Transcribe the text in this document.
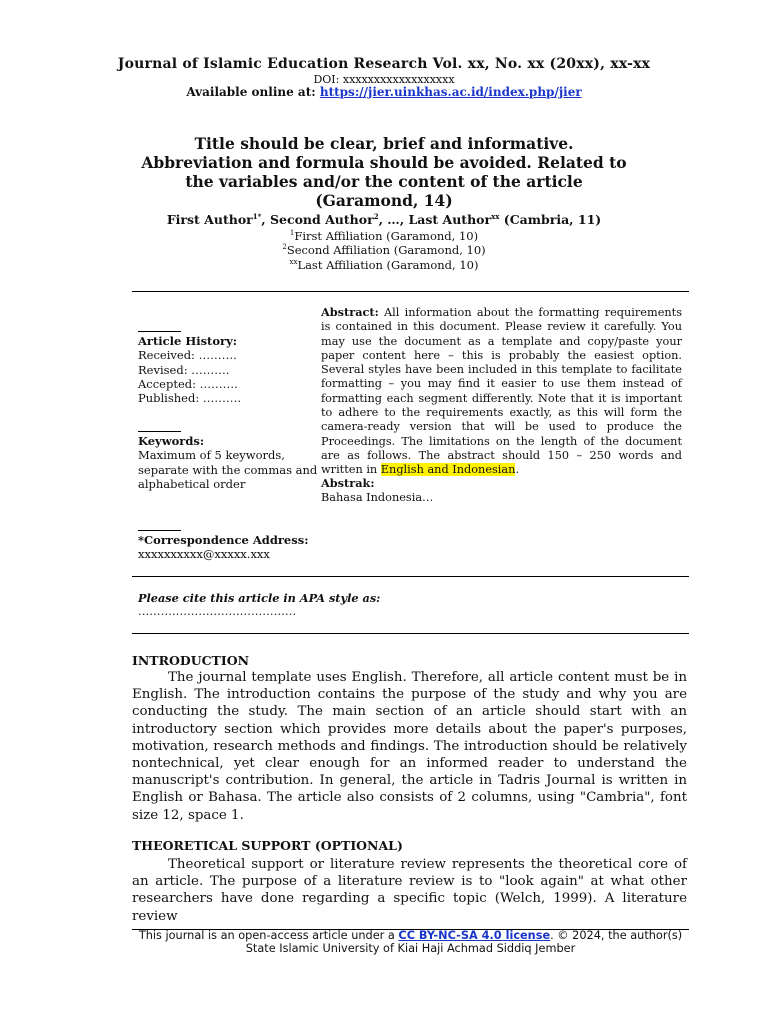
Journal of Islamic Education Research Vol. xx, No. xx (20xx), xx-xx
DOI: xxxxxxxxxxxxxxxxxx
Available online at: https://jier.uinkhas.ac.id/index.php/jier
Title should be clear, brief and informative. Abbreviation and formula should be avoided. Related to the variables and/or the content of the article (Garamond, 14)
First Author$^{1*}$, Second Author$^2$, …, Last Author$^{xx}$ (Cambria, 11)
$^1$First Affiliation (Garamond, 10)
$^2$Second Affiliation (Garamond, 10)
$^{xx}$Last Affiliation (Garamond, 10)
Article History:
Received: ……….
Revised: ……….
Accepted: ……….
Published: ……….
Keywords:
Maximum of 5 keywords, separate with the commas and alphabetical order
*Correspondence Address:
xxxxxxxxxx@xxxxx.xxx
Abstract: All information about the formatting requirements is contained in this document. Please review it carefully. You may use the document as a template and copy/paste your paper content here – this is probably the easiest option. Several styles have been included in this template to facilitate formatting – you may find it easier to use them instead of formatting each segment differently. Note that it is important to adhere to the requirements exactly, as this will form the camera-ready version that will be used to produce the Proceedings. The limitations on the length of the document are as follows. The abstract should 150 – 250 words and written in English and Indonesian.
Abstrak:
Bahasa Indonesia…
Please cite this article in APA style as:
……………………………………
INTRODUCTION
The journal template uses English. Therefore, all article content must be in English. The introduction contains the purpose of the study and why you are conducting the study. The main section of an article should start with an introductory section which provides more details about the paper's purposes, motivation, research methods and findings. The introduction should be relatively nontechnical, yet clear enough for an informed reader to understand the manuscript's contribution. In general, the article in Tadris Journal is written in English or Bahasa. The article also consists of 2 columns, using "Cambria", font size 12, space 1.
THEORETICAL SUPPORT (OPTIONAL)
Theoretical support or literature review represents the theoretical core of an article. The purpose of a literature review is to "look again" at what other researchers have done regarding a specific topic (Welch, 1999). A literature review
This journal is an open-access article under a CC BY-NC-SA 4.0 license. © 2024, the author(s)
State Islamic University of Kiai Haji Achmad Siddiq Jember
